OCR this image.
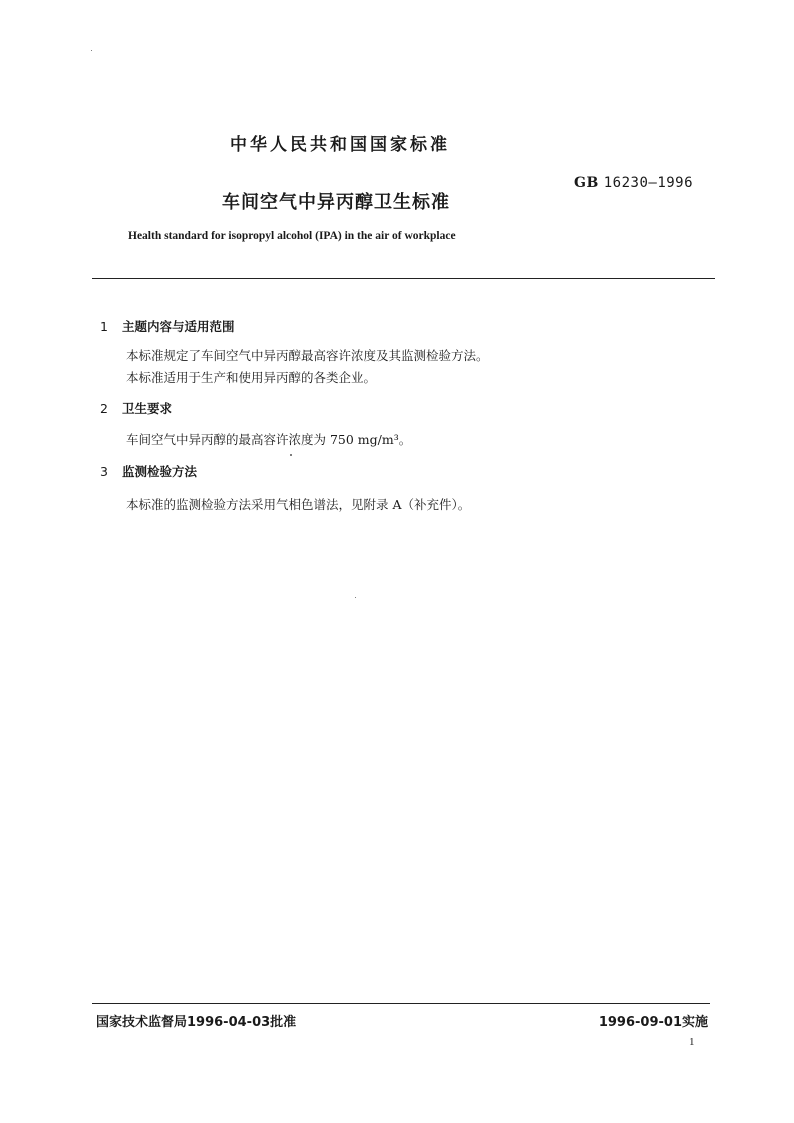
中华人民共和国国家标准
GB 16230—1996
车间空气中异丙醇卫生标准
Health standard for isopropyl alcohol (IPA) in the air of workplace
1 主题内容与适用范围
本标准规定了车间空气中异丙醇最高容许浓度及其监测检验方法。
本标准适用于生产和使用异丙醇的各类企业。
2 卫生要求
车间空气中异丙醇的最高容许浓度为 750 mg/m³。
3 监测检验方法
本标准的监测检验方法采用气相色谱法，见附录 A（补充件）。
国家技术监督局1996-04-03批准	1996-09-01实施
1
